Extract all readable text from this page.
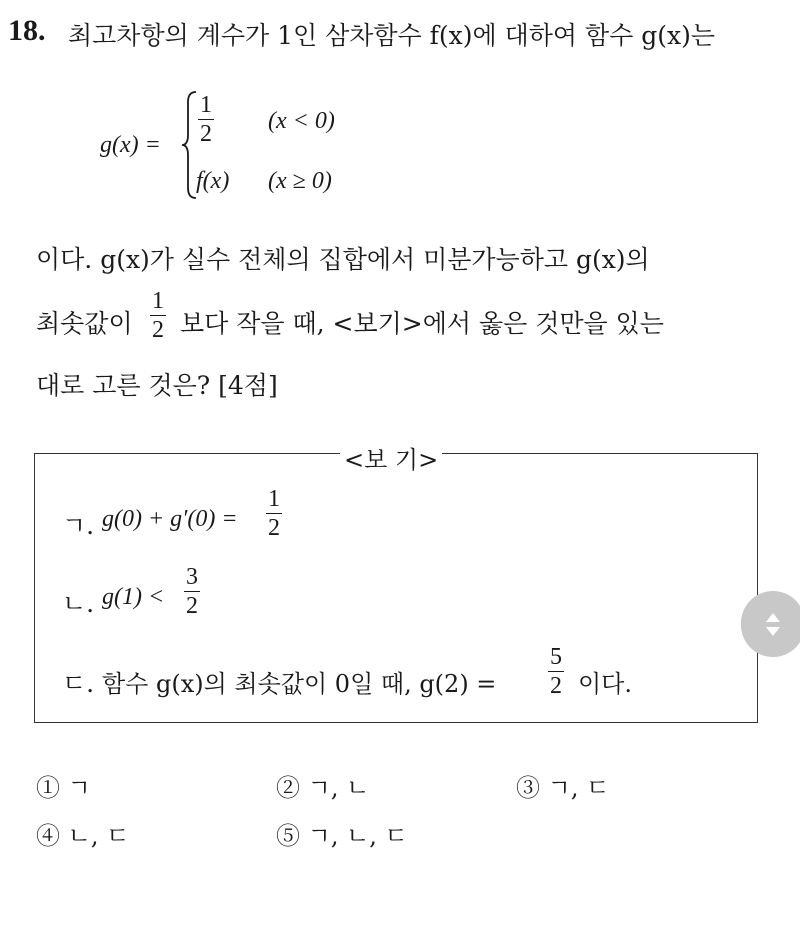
18. 최고차항의 계수가 1인 삼차함수 f(x)에 대하여 함수 g(x)는
g(x) =
1
2 (x < 0)
f(x) (x ≥ 0)
이다. g(x)가 실수 전체의 집합에서 미분가능하고 g(x)의
최솟값이
1
2 보다 작을 때, <보기>에서 옳은 것만을 있는
대로 고른 것은? [4점]
<보 기>
ㄱ. g(0) + g′(0) =
1
2
ㄴ. g(1) <
3
2
ㄷ. 함수 g(x)의 최솟값이 0일 때, g(2) =
5
2 이다.
① ㄱ	② ㄱ, ㄴ	③ ㄱ, ㄷ
④ ㄴ, ㄷ	⑤ ㄱ, ㄴ, ㄷ
